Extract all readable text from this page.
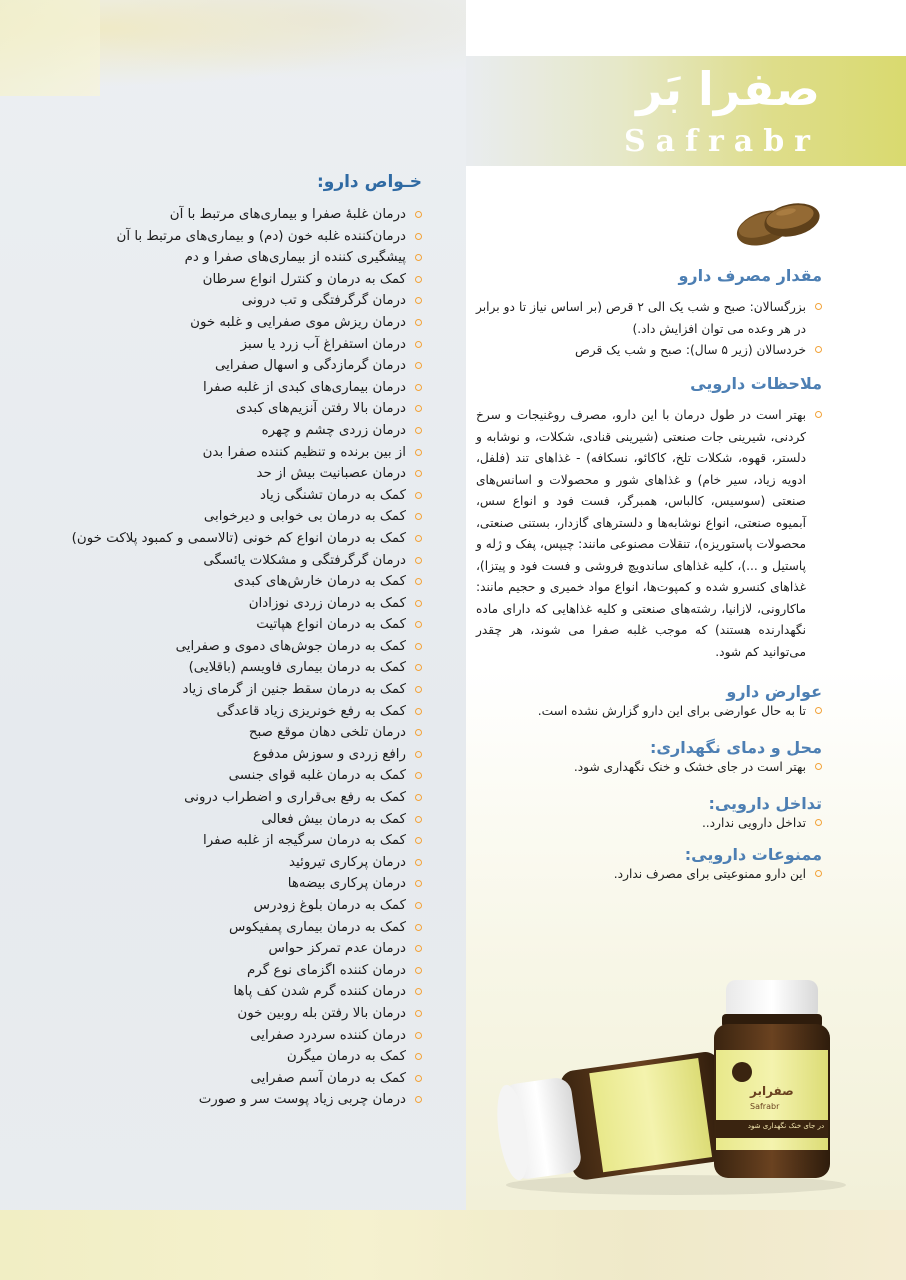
صفرا بَر
Safrabr
خـواص دارو:
درمان غلبهٔ صفرا و بیماری‌های مرتبط با آن
درمان‌کننده غلبه خون (دم) و بیماری‌های مرتبط با آن
پیشگیری کننده از بیماری‌های صفرا و دم
کمک به درمان و کنترل انواع سرطان
درمان گرگرفتگی و تب درونی
درمان ریزش موی صفرایی و غلبه خون
درمان استفراغ آب زرد یا سبز
درمان گرمازدگی و اسهال صفرایی
درمان بیماری‌های کبدی از غلبه صفرا
درمان بالا رفتن آنزیم‌های کبدی
درمان زردی چشم و چهره
از بین برنده و تنظیم کننده صفرا بدن
درمان عصبانیت بیش از حد
کمک به درمان تشنگی زیاد
کمک به درمان بی خوابی و دیرخوابی
کمک به درمان انواع کم خونی (تالاسمی و کمبود پلاکت خون)
درمان گرگرفتگی و مشکلات یائسگی
کمک به درمان خارش‌های کبدی
کمک به درمان زردی نوزادان
کمک به درمان انواع هپاتیت
کمک به درمان جوش‌های دموی و صفرایی
کمک به درمان بیماری فاویسم (باقلایی)
کمک به درمان سقط جنین از گرمای زیاد
کمک به رفع خونریزی زیاد قاعدگی
درمان تلخی دهان موقع صبح
رافع زردی و سوزش مدفوع
کمک به درمان غلبه قوای جنسی
کمک به رفع بی‌قراری و اضطراب درونی
کمک به درمان بیش فعالی
کمک به درمان سرگیجه از غلبه صفرا
درمان پرکاری تیروئید
درمان پرکاری بیضه‌ها
کمک به درمان بلوغ زودرس
کمک به درمان بیماری پمفیکوس
درمان عدم تمرکز حواس
درمان کننده اگزمای نوع گرم
درمان کننده گرم شدن کف پاها
درمان بالا رفتن بله روبین خون
درمان کننده سردرد صفرایی
کمک به درمان میگرن
کمک به درمان آسم صفرایی
درمان چربی زیاد پوست سر و صورت

مقدار مصرف دارو

بزرگسالان: صبح و شب یک الی ۲ قرص (بر اساس نیاز تا دو برابر در هر وعده می توان افزایش داد.)
خردسالان (زیر ۵ سال): صبح و شب یک قرص

ملاحظات دارویی

بهتر است در طول درمان با این دارو، مصرف روغنیجات و سرخ کردنی، شیرینی جات صنعتی (شیرینی قنادی، شکلات، و نوشابه و دلستر، قهوه، شکلات تلخ، کاکائو، نسکافه) - غذاهای تند (فلفل، ادویه زیاد، سیر خام) و غذاهای شور و محصولات و اسانس‌های صنعتی (سوسیس، کالباس، همبرگر، فست فود و انواع سس، آبمیوه صنعتی، انواع نوشابه‌ها و دلسترهای گازدار، بستنی صنعتی، محصولات پاستوریزه)، تنقلات مصنوعی مانند: چیپس، پفک و ژله و پاستیل و ...)، کلیه غذاهای ساندویچ فروشی و فست فود و پیتزا)، غذاهای کنسرو شده و کمپوت‌ها، انواع مواد خمیری و حجیم مانند: ماکارونی، لازانیا، رشته‌های صنعتی و کلیه غذاهایی که دارای ماده نگهدارنده هستند) که موجب غلبه صفرا می شوند، هر چقدر می‌توانید کم شود.

عوارض دارو

تا به حال عوارضی برای این دارو گزارش نشده است.

محل و دمای نگهداری:

بهتر است در جای خشک و خنک نگهداری شود.

تداخل دارویی:

تداخل دارویی ندارد..

ممنوعات دارویی:

این دارو ممنوعیتی برای مصرف ندارد.
صفرابر
Safrabr
در جای خنک نگهداری شود
